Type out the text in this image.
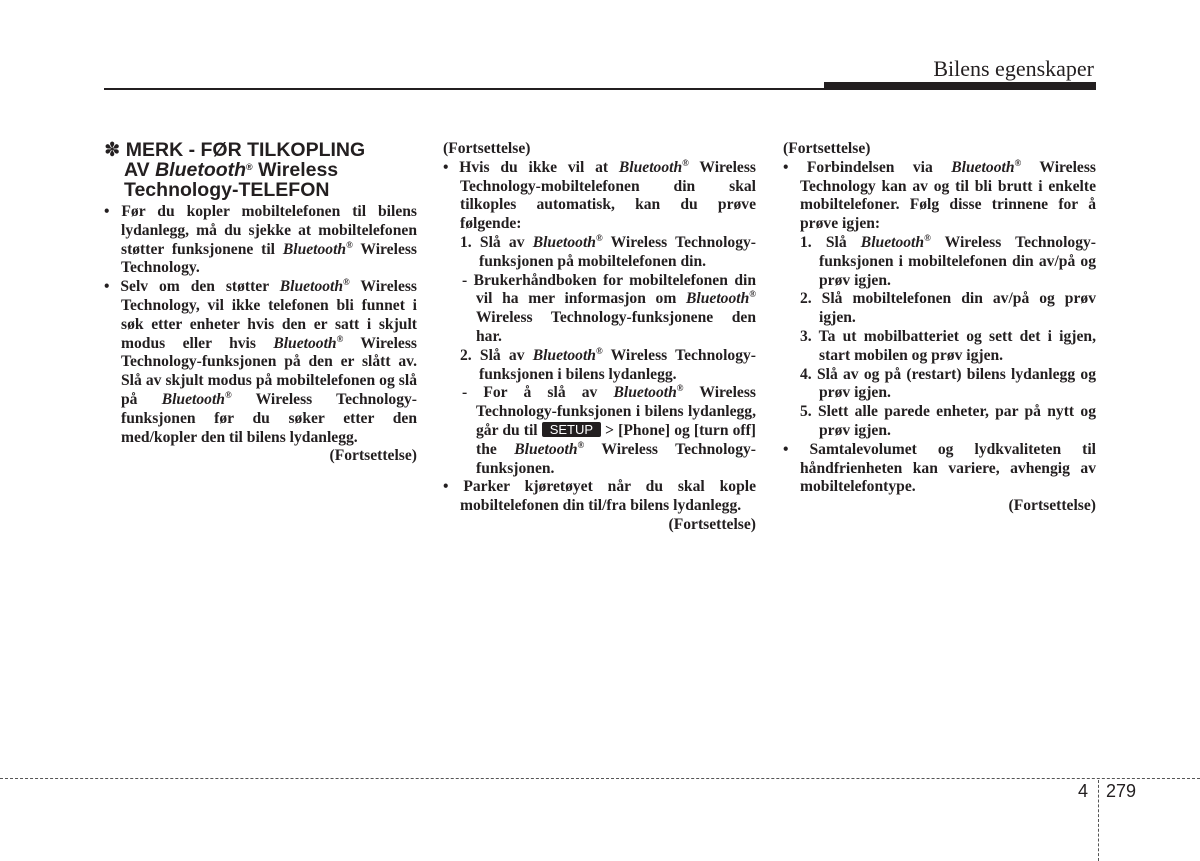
Bilens egenskaper
✽ MERK - FØR TILKOPLING
AV Bluetooth® Wireless
Technology-TELEFON

• Før du kopler mobiltelefonen til bilens lydanlegg, må du sjekke at mobiltelefonen støtter funksjonene til Bluetooth® Wireless Technology.

• Selv om den støtter Bluetooth® Wireless Technology, vil ikke telefonen bli funnet i søk etter enheter hvis den er satt i skjult modus eller hvis Bluetooth® Wireless Technology-funksjonen på den er slått av. Slå av skjult modus på mobiltelefonen og slå på Bluetooth® Wireless Technology-funksjonen før du søker etter den med/kopler den til bilens lydanlegg.

(Fortsettelse)

(Fortsettelse)

• Hvis du ikke vil at Bluetooth® Wireless Technology-mobiltelefonen din skal tilkoples automatisk, kan du prøve følgende:

1. Slå av Bluetooth® Wireless Technology-funksjonen på mobiltelefonen din.

- Brukerhåndboken for mobiltelefonen din vil ha mer informasjon om Bluetooth® Wireless Technology-funksjonene den har.

2. Slå av Bluetooth® Wireless Technology-funksjonen i bilens lydanlegg.

- For å slå av Bluetooth® Wireless Technology-funksjonen i bilens lydanlegg, går du til SETUP > [Phone] og [turn off] the Bluetooth® Wireless Technology-funksjonen.

• Parker kjøretøyet når du skal kople mobiltelefonen din til/fra bilens lydanlegg.

(Fortsettelse)

(Fortsettelse)

• Forbindelsen via Bluetooth® Wireless Technology kan av og til bli brutt i enkelte mobiltelefoner. Følg disse trinnene for å prøve igjen:

1. Slå Bluetooth® Wireless Technology-funksjonen i mobiltelefonen din av/på og prøv igjen.

2. Slå mobiltelefonen din av/på og prøv igjen.

3. Ta ut mobilbatteriet og sett det i igjen, start mobilen og prøv igjen.

4. Slå av og på (restart) bilens lydanlegg og prøv igjen.

5. Slett alle parede enheter, par på nytt og prøv igjen.

• Samtalevolumet og lydkvaliteten til håndfrienheten kan variere, avhengig av mobiltelefontype.

(Fortsettelse)

4 279
